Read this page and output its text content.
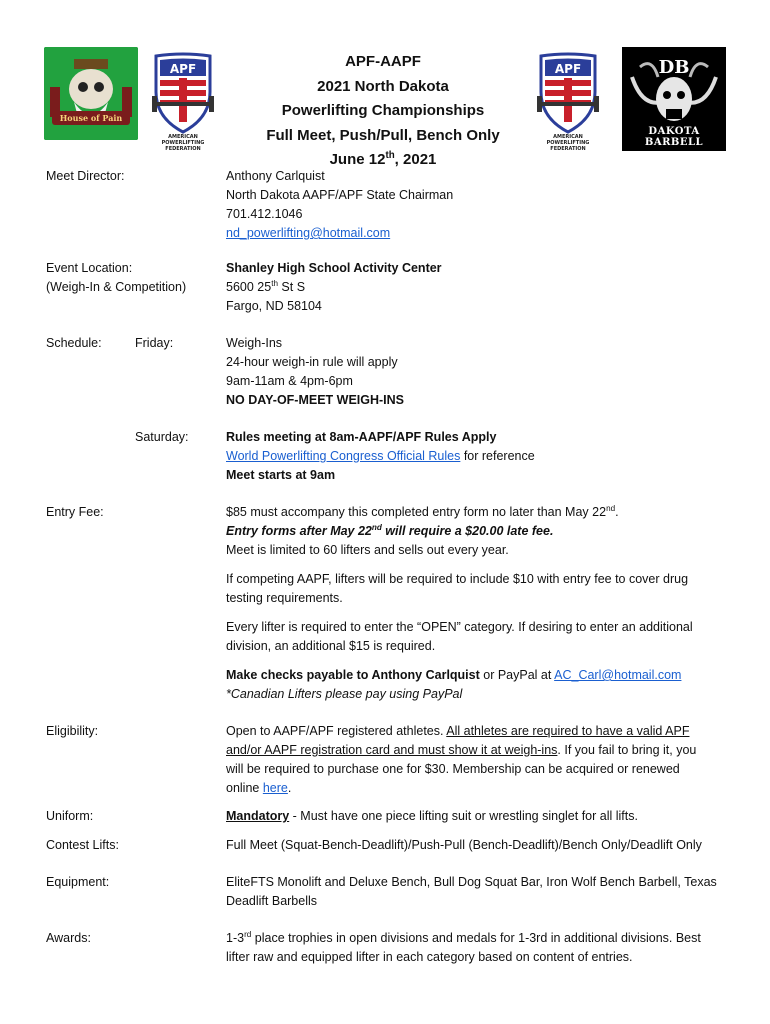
House of Pain
APF
AMERICAN POWERLIFTING FEDERATION
APF-AAPF
2021 North Dakota
Powerlifting Championships
Full Meet, Push/Pull, Bench Only
June 12th, 2021
APF
AMERICAN POWERLIFTING FEDERATION
DB
DAKOTA BARBELL
Meet Director:	Anthony Carlquist
North Dakota AAPF/APF State Chairman
701.412.1046
nd_powerlifting@hotmail.com
Event Location:
(Weigh-In & Competition)
Shanley High School Activity Center
5600 25th St S
Fargo, ND 58104
Schedule:	Friday:	Weigh-Ins
24-hour weigh-in rule will apply
9am-11am & 4pm-6pm
NO DAY-OF-MEET WEIGH-INS
Saturday:	Rules meeting at 8am-AAPF/APF Rules Apply
World Powerlifting Congress Official Rules for reference
Meet starts at 9am
Entry Fee:	$85 must accompany this completed entry form no later than May 22nd.
Entry forms after May 22nd will require a $20.00 late fee.
Meet is limited to 60 lifters and sells out every year.
If competing AAPF, lifters will be required to include $10 with entry fee to cover drug
testing requirements.
Every lifter is required to enter the “OPEN” category. If desiring to enter an additional
division, an additional $15 is required.
Make checks payable to Anthony Carlquist or PayPal at AC_Carl@hotmail.com
*Canadian Lifters please pay using PayPal
Eligibility:	Open to AAPF/APF registered athletes. All athletes are required to have a valid APF
and/or AAPF registration card and must show it at weigh-ins. If you fail to bring it, you
will be required to purchase one for $30. Membership can be acquired or renewed
online here.
Uniform:	Mandatory - Must have one piece lifting suit or wrestling singlet for all lifts.
Contest Lifts:	Full Meet (Squat-Bench-Deadlift)/Push-Pull (Bench-Deadlift)/Bench Only/Deadlift Only
Equipment:	EliteFTS Monolift and Deluxe Bench, Bull Dog Squat Bar, Iron Wolf Bench Barbell, Texas
Deadlift Barbells
Awards:	1-3rd place trophies in open divisions and medals for 1-3rd in additional divisions. Best
lifter raw and equipped lifter in each category based on content of entries.
